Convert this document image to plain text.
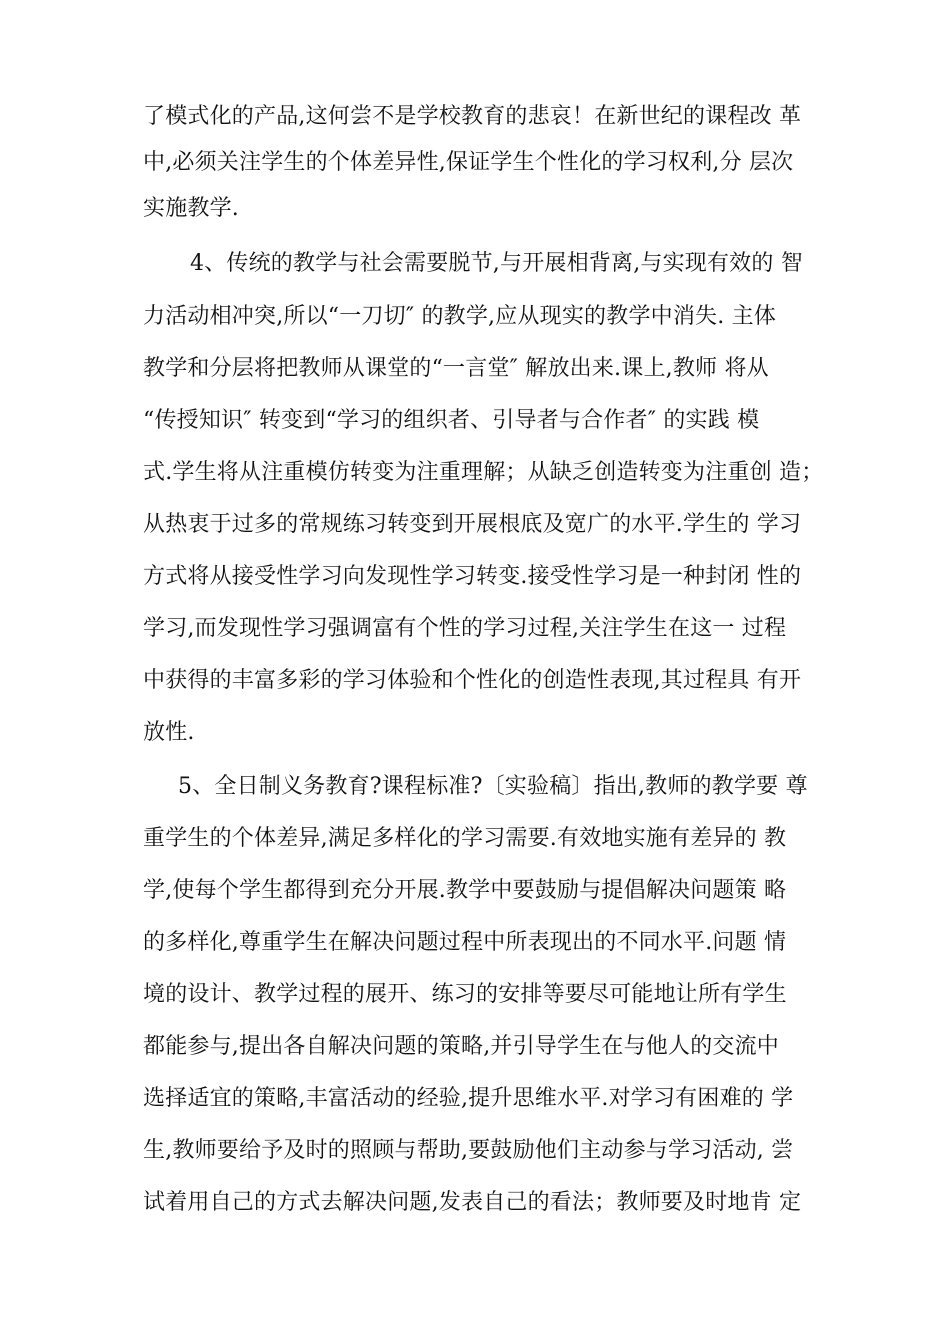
了模式化的产品,这何尝不是学校教育的悲哀！在新世纪的课程改 革
中,必须关注学生的个体差异性,保证学生个性化的学习权利,分 层次
实施教学.
4、传统的教学与社会需要脱节,与开展相背离,与实现有效的 智
力活动相冲突,所以“一刀切″ 的教学,应从现实的教学中消失. 主体
教学和分层将把教师从课堂的“一言堂″ 解放出来.课上,教师 将从
“传授知识″ 转变到“学习的组织者、引导者与合作者″ 的实践 模
式.学生将从注重模仿转变为注重理解；从缺乏创造转变为注重创 造；
从热衷于过多的常规练习转变到开展根底及宽广的水平.学生的 学习
方式将从接受性学习向发现性学习转变.接受性学习是一种封闭 性的
学习,而发现性学习强调富有个性的学习过程,关注学生在这一 过程
中获得的丰富多彩的学习体验和个性化的创造性表现,其过程具 有开
放性.
5、全日制义务教育?课程标准?〔实验稿〕指出,教师的教学要 尊
重学生的个体差异,满足多样化的学习需要.有效地实施有差异的 教
学,使每个学生都得到充分开展.教学中要鼓励与提倡解决问题策 略
的多样化,尊重学生在解决问题过程中所表现出的不同水平.问题 情
境的设计、教学过程的展开、练习的安排等要尽可能地让所有学生
都能参与,提出各自解决问题的策略,并引导学生在与他人的交流中
选择适宜的策略,丰富活动的经验,提升思维水平.对学习有困难的 学
生,教师要给予及时的照顾与帮助,要鼓励他们主动参与学习活动, 尝
试着用自己的方式去解决问题,发表自己的看法；教师要及时地肯 定
